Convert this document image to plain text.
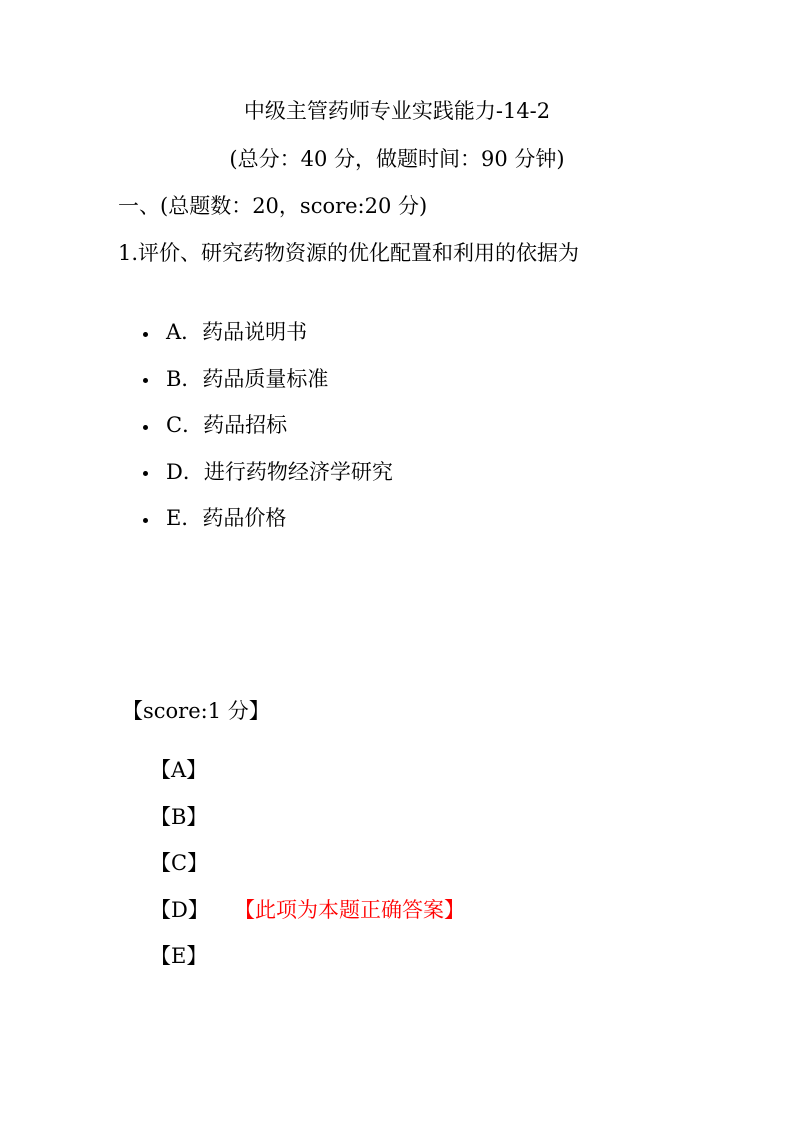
中级主管药师专业实践能力-14-2
(总分：40 分，做题时间：90 分钟)
一、(总题数：20，score:20 分)
1.评价、研究药物资源的优化配置和利用的依据为
A．药品说明书
B．药品质量标准
C．药品招标
D．进行药物经济学研究
E．药品价格
【score:1 分】
【A】
【B】
【C】
【D】	【此项为本题正确答案】
【E】
